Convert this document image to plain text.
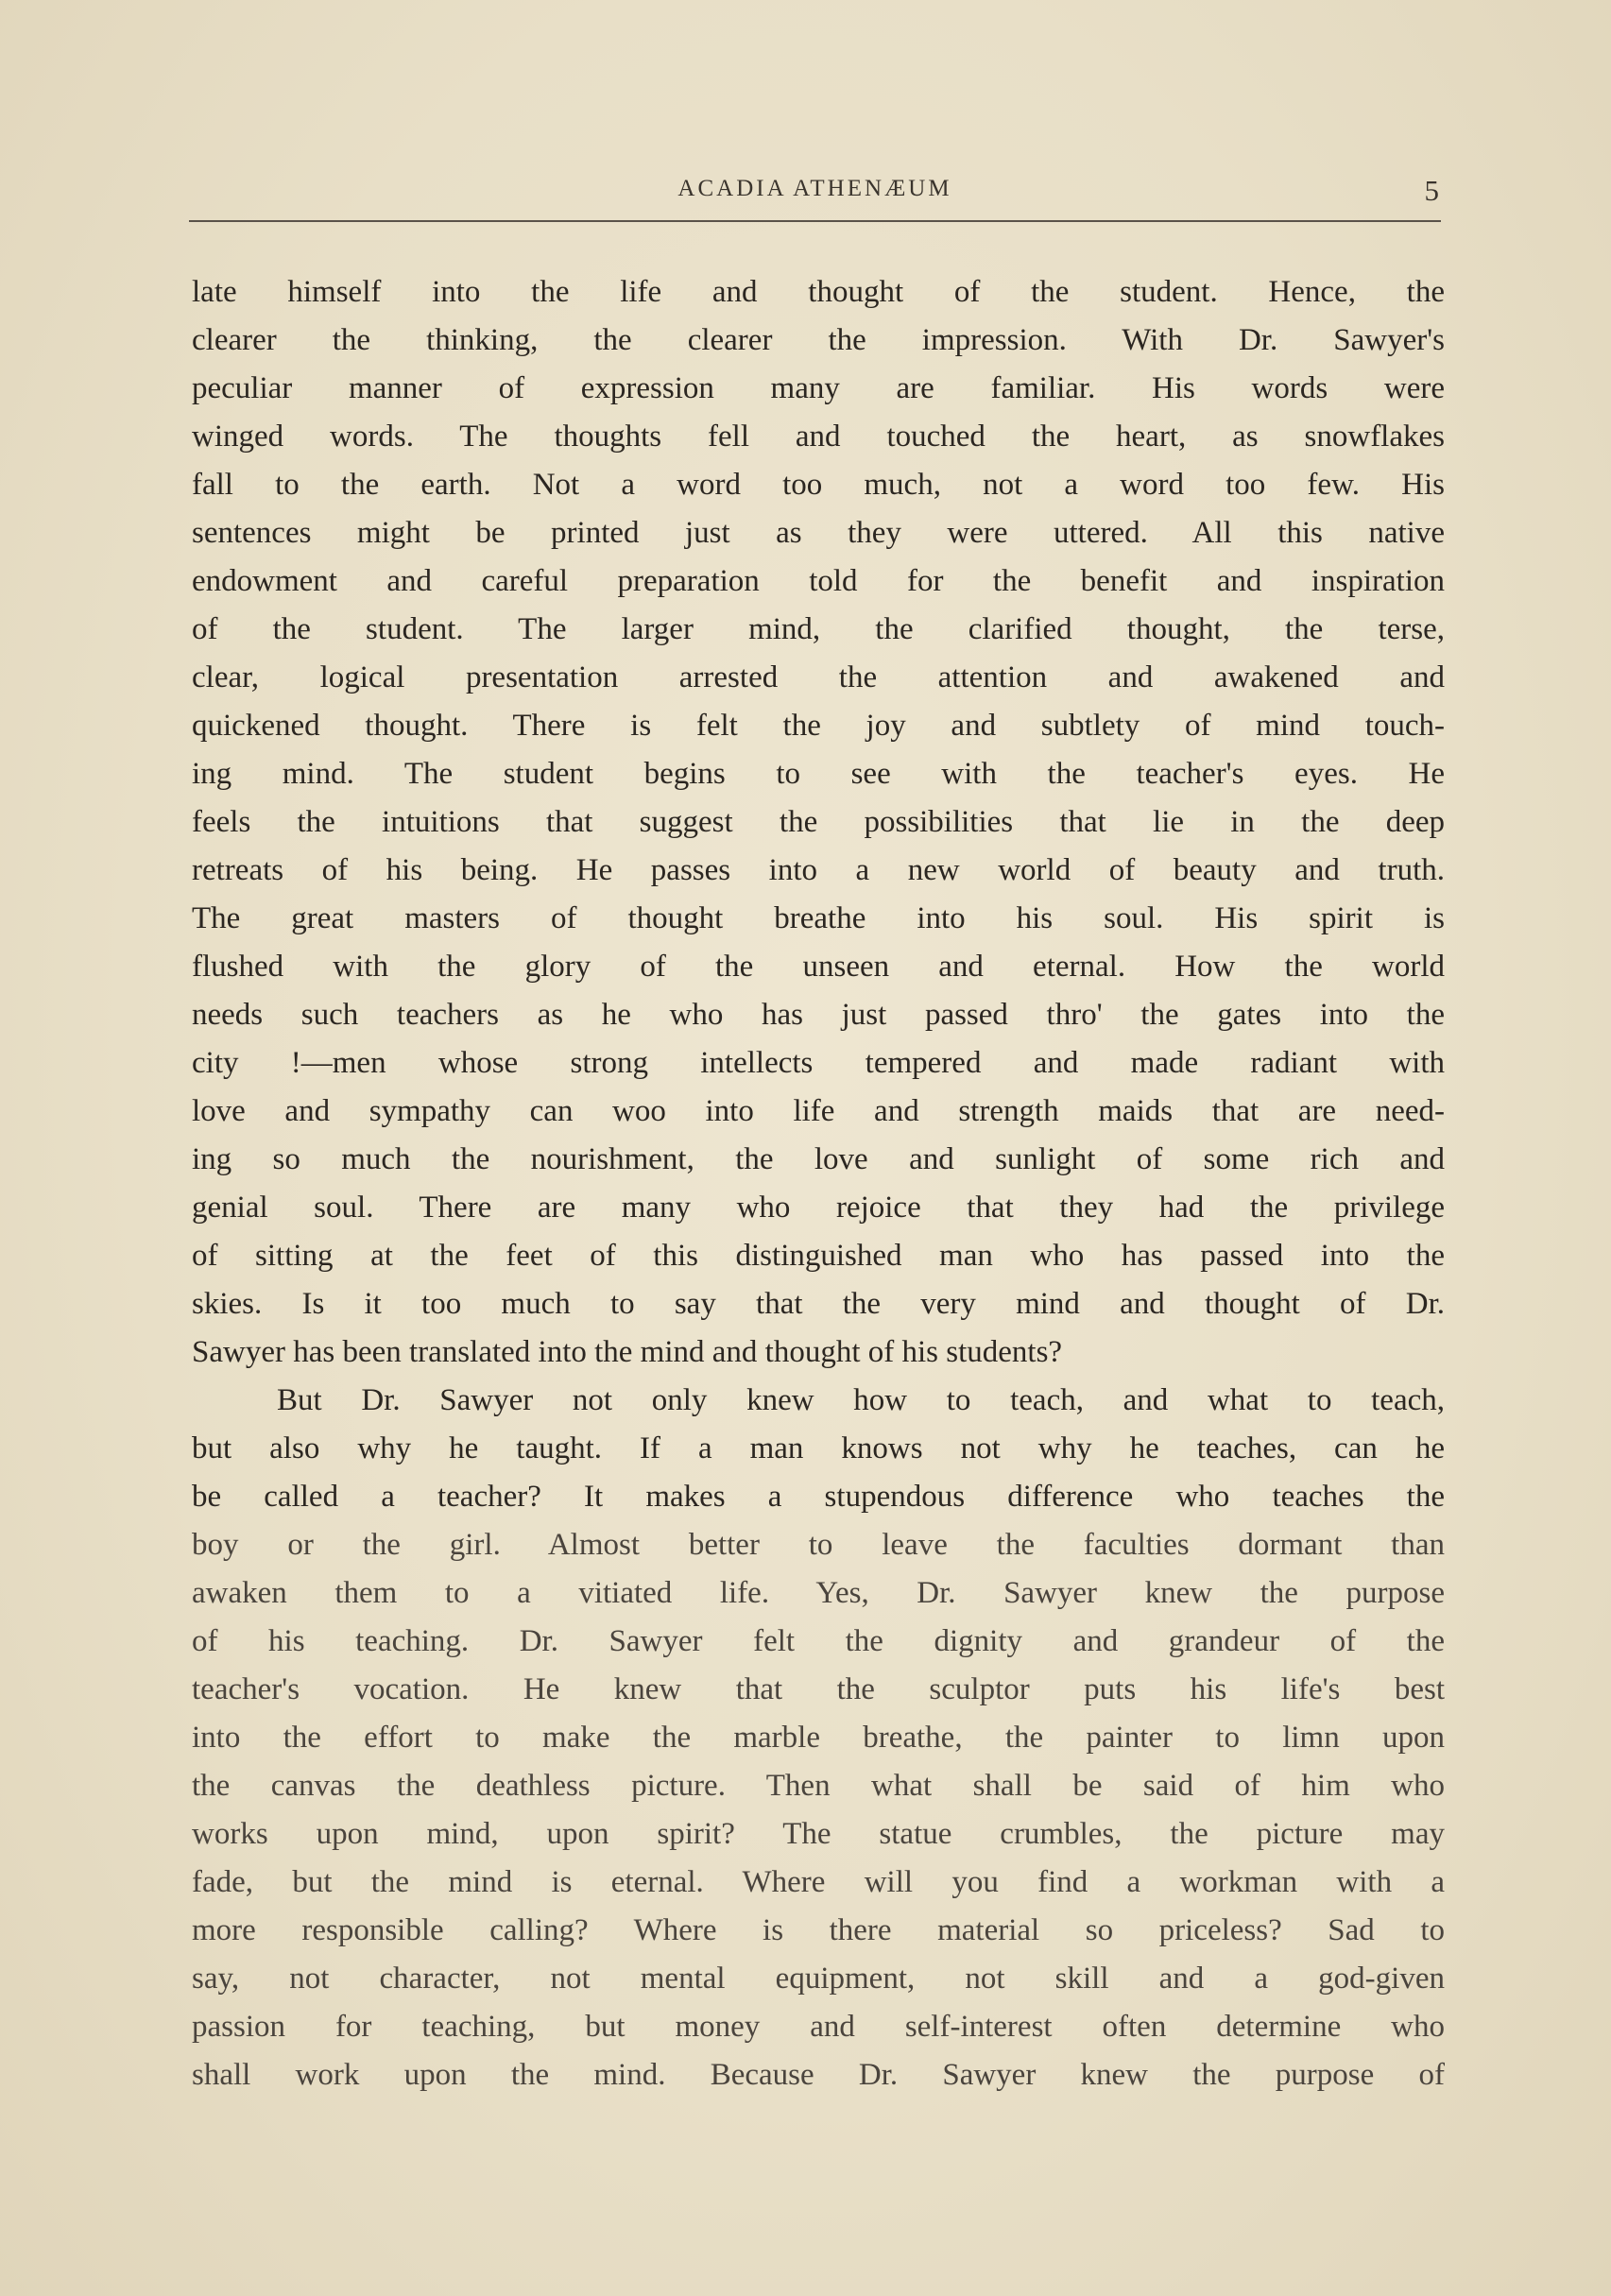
ACADIA ATHENÆUM	5
late himself into the life and thought of the student. Hence, the
clearer the thinking, the clearer the impression. With Dr. Sawyer's
peculiar manner of expression many are familiar. His words were
winged words. The thoughts fell and touched the heart, as snowflakes
fall to the earth. Not a word too much, not a word too few. His
sentences might be printed just as they were uttered. All this native
endowment and careful preparation told for the benefit and inspiration
of the student. The larger mind, the clarified thought, the terse,
clear, logical presentation arrested the attention and awakened and
quickened thought. There is felt the joy and subtlety of mind touch-
ing mind. The student begins to see with the teacher's eyes. He
feels the intuitions that suggest the possibilities that lie in the deep
retreats of his being. He passes into a new world of beauty and truth.
The great masters of thought breathe into his soul. His spirit is
flushed with the glory of the unseen and eternal. How the world
needs such teachers as he who has just passed thro' the gates into the
city !—men whose strong intellects tempered and made radiant with
love and sympathy can woo into life and strength maids that are need-
ing so much the nourishment, the love and sunlight of some rich and
genial soul. There are many who rejoice that they had the privilege
of sitting at the feet of this distinguished man who has passed into the
skies. Is it too much to say that the very mind and thought of Dr.
Sawyer has been translated into the mind and thought of his students?
But Dr. Sawyer not only knew how to teach, and what to teach,
but also why he taught. If a man knows not why he teaches, can he
be called a teacher? It makes a stupendous difference who teaches the
boy or the girl. Almost better to leave the faculties dormant than
awaken them to a vitiated life. Yes, Dr. Sawyer knew the purpose
of his teaching. Dr. Sawyer felt the dignity and grandeur of the
teacher's vocation. He knew that the sculptor puts his life's best
into the effort to make the marble breathe, the painter to limn upon
the canvas the deathless picture. Then what shall be said of him who
works upon mind, upon spirit? The statue crumbles, the picture may
fade, but the mind is eternal. Where will you find a workman with a
more responsible calling? Where is there material so priceless? Sad to
say, not character, not mental equipment, not skill and a god-given
passion for teaching, but money and self-interest often determine who
shall work upon the mind. Because Dr. Sawyer knew the purpose of
